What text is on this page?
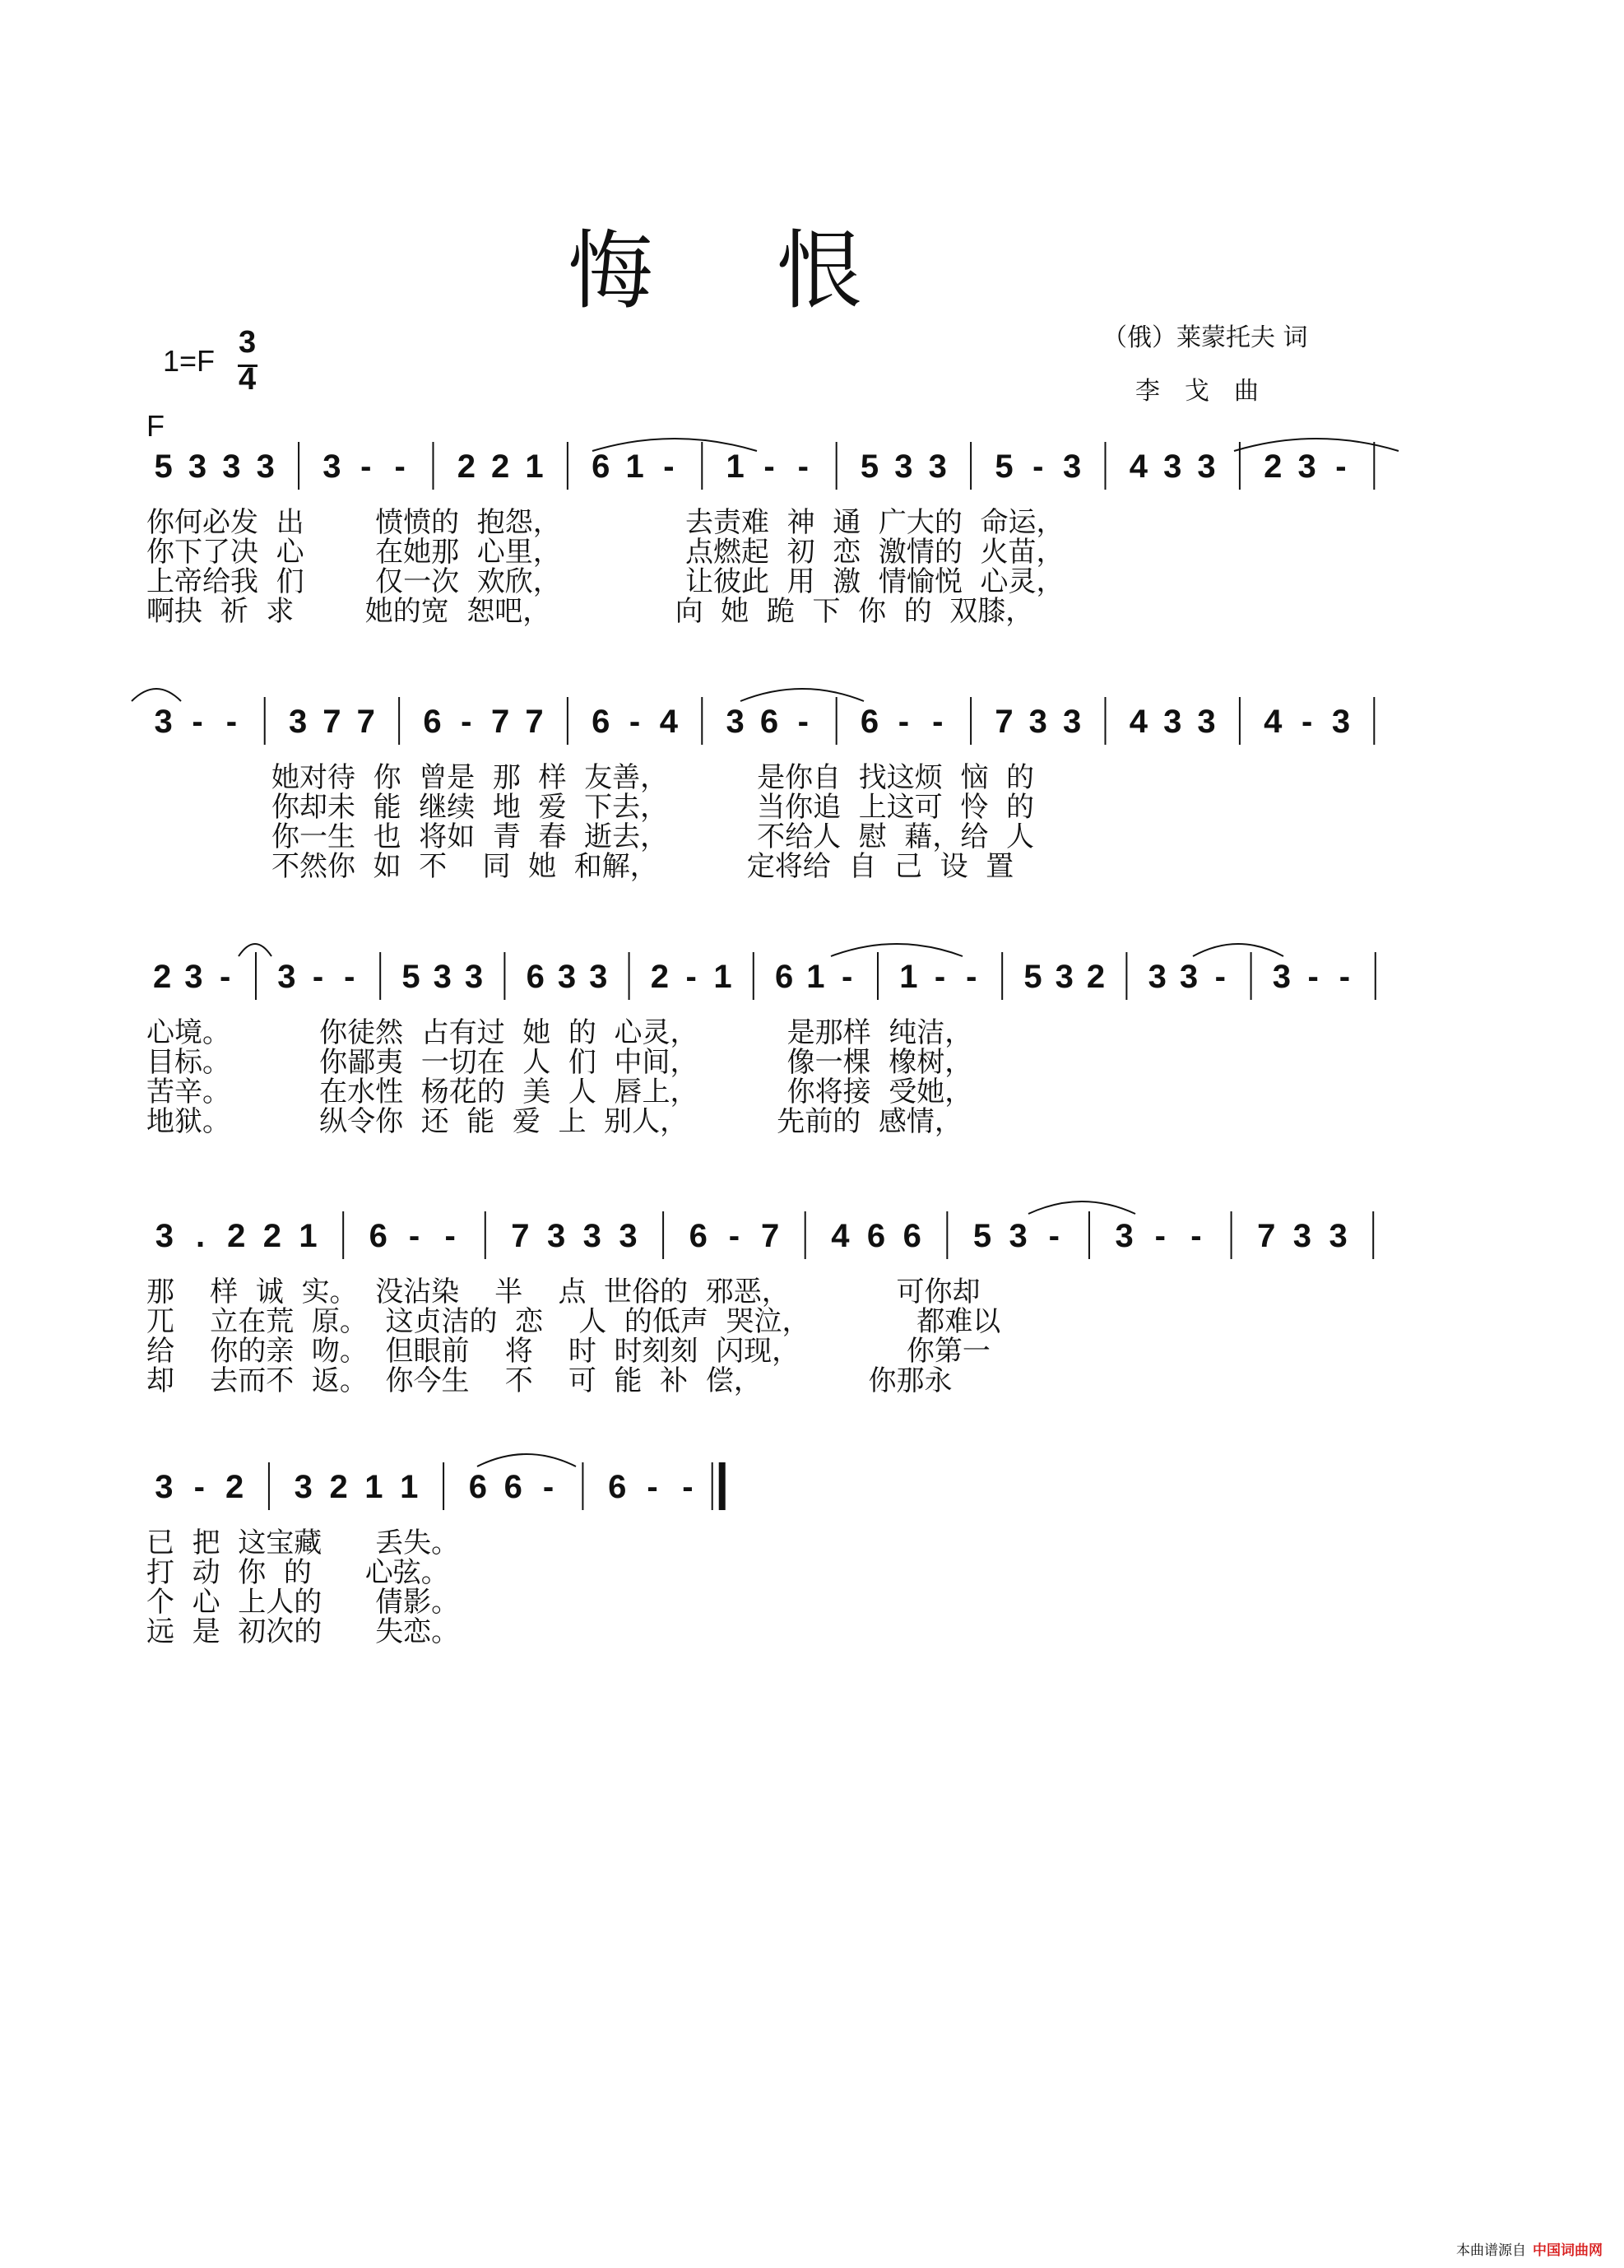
悔恨
1=F
3
4
（俄）莱蒙托夫 词
李戈曲
F
5 3 3 3 3 - - 2 2 1 6 1 - 1 - - 5 3 3 5 - 3 4 3 3 2 3 -
你何必发  出        愤愤的  抱怨，              去责难  神  通  广大的  命运，
你下了决  心        在她那  心里，              点燃起  初  恋  激情的  火苗，
上帝给我  们        仅一次  欢欣，              让彼此  用  激  情愉悦  心灵，
啊抉  祈  求        她的宽  恕吧，              向  她  跪  下  你  的  双膝，
3 - - 3 7 7 6 - 7 7 6 - 4 3 6 - 6 - - 7 3 3 4 3 3 4 - 3
她对待  你  曾是  那  样  友善，          是你自  找这烦  恼  的
你却未  能  继续  地  爱  下去，          当你追  上这可  怜  的
你一生  也  将如  青  春  逝去，          不给人  慰  藉，给  人
不然你  如  不    同  她  和解，          定将给  自  己  设  置
2 3 - 3 - - 5 3 3 6 3 3 2 - 1 6 1 - 1 - - 5 3 2 3 3 - 3 - -
心境。          你徒然  占有过  她  的  心灵，          是那样  纯洁，
目标。          你鄙夷  一切在  人  们  中间，          像一棵  橡树，
苦辛。          在水性  杨花的  美  人  唇上，          你将接  受她，
地狱。          纵令你  还  能  爱  上  别人，          先前的  感情，
3 . 2 2 1 6 - - 7 3 3 3 6 - 7 4 6 6 5 3 - 3 - - 7 3 3
那    样  诚  实。  没沾染    半    点  世俗的  邪恶，            可你却
兀    立在荒  原。  这贞洁的  恋    人  的低声  哭泣，            都难以
给    你的亲  吻。  但眼前    将    时  时刻刻  闪现，            你第一
却    去而不  返。  你今生    不    可  能  补  偿，            你那永
3 - 2 3 2 1 1 6 6 - 6 - -
已  把  这宝藏      丢失。
打  动  你  的      心弦。
个  心  上人的      倩影。
远  是  初次的      失恋。
本曲谱源自 中国词曲网
